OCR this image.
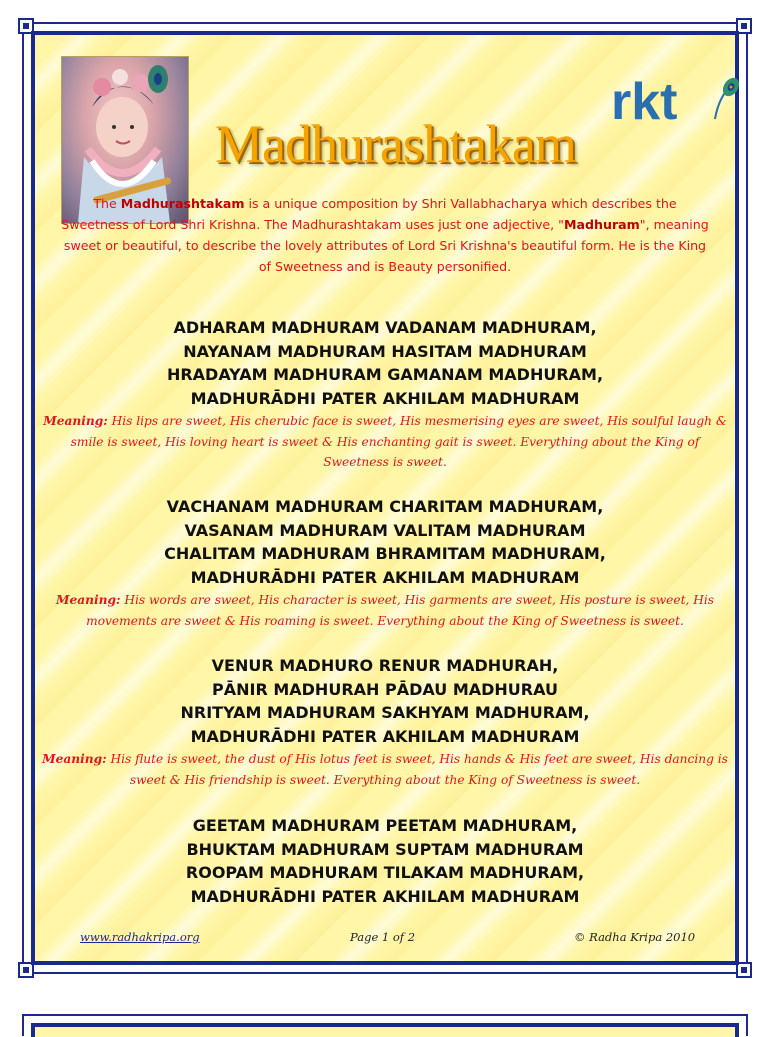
rkt
Madhurashtakam
The Madhurashtakam is a unique composition by Shri Vallabhacharya which describes the Sweetness of Lord Shri Krishna. The Madhurashtakam uses just one adjective, "Madhuram", meaning sweet or beautiful, to describe the lovely attributes of Lord Sri Krishna's beautiful form. He is the King of Sweetness and is Beauty personified.
ADHARAM MADHURAM VADANAM MADHURAM,
NAYANAM MADHURAM HASITAM MADHURAM
HRADAYAM MADHURAM GAMANAM MADHURAM,
MADHURĀDHI PATER AKHILAM MADHURAM
Meaning: His lips are sweet, His cherubic face is sweet, His mesmerising eyes are sweet, His soulful laugh & smile is sweet, His loving heart is sweet & His enchanting gait is sweet. Everything about the King of Sweetness is sweet.
VACHANAM MADHURAM CHARITAM MADHURAM,
VASANAM MADHURAM VALITAM MADHURAM
CHALITAM MADHURAM BHRAMITAM MADHURAM,
MADHURĀDHI PATER AKHILAM MADHURAM
Meaning: His words are sweet, His character is sweet, His garments are sweet, His posture is sweet, His movements are sweet & His roaming is sweet. Everything about the King of Sweetness is sweet.
VENUR MADHURO RENUR MADHURAH,
PĀNIR MADHURAH PĀDAU MADHURAU
NRITYAM MADHURAM SAKHYAM MADHURAM,
MADHURĀDHI PATER AKHILAM MADHURAM
Meaning: His flute is sweet, the dust of His lotus feet is sweet, His hands & His feet are sweet, His dancing is sweet & His friendship is sweet. Everything about the King of Sweetness is sweet.
GEETAM MADHURAM PEETAM MADHURAM,
BHUKTAM MADHURAM SUPTAM MADHURAM
ROOPAM MADHURAM TILAKAM MADHURAM,
MADHURĀDHI PATER AKHILAM MADHURAM
www.radhakripa.org	Page 1 of 2	© Radha Kripa 2010
